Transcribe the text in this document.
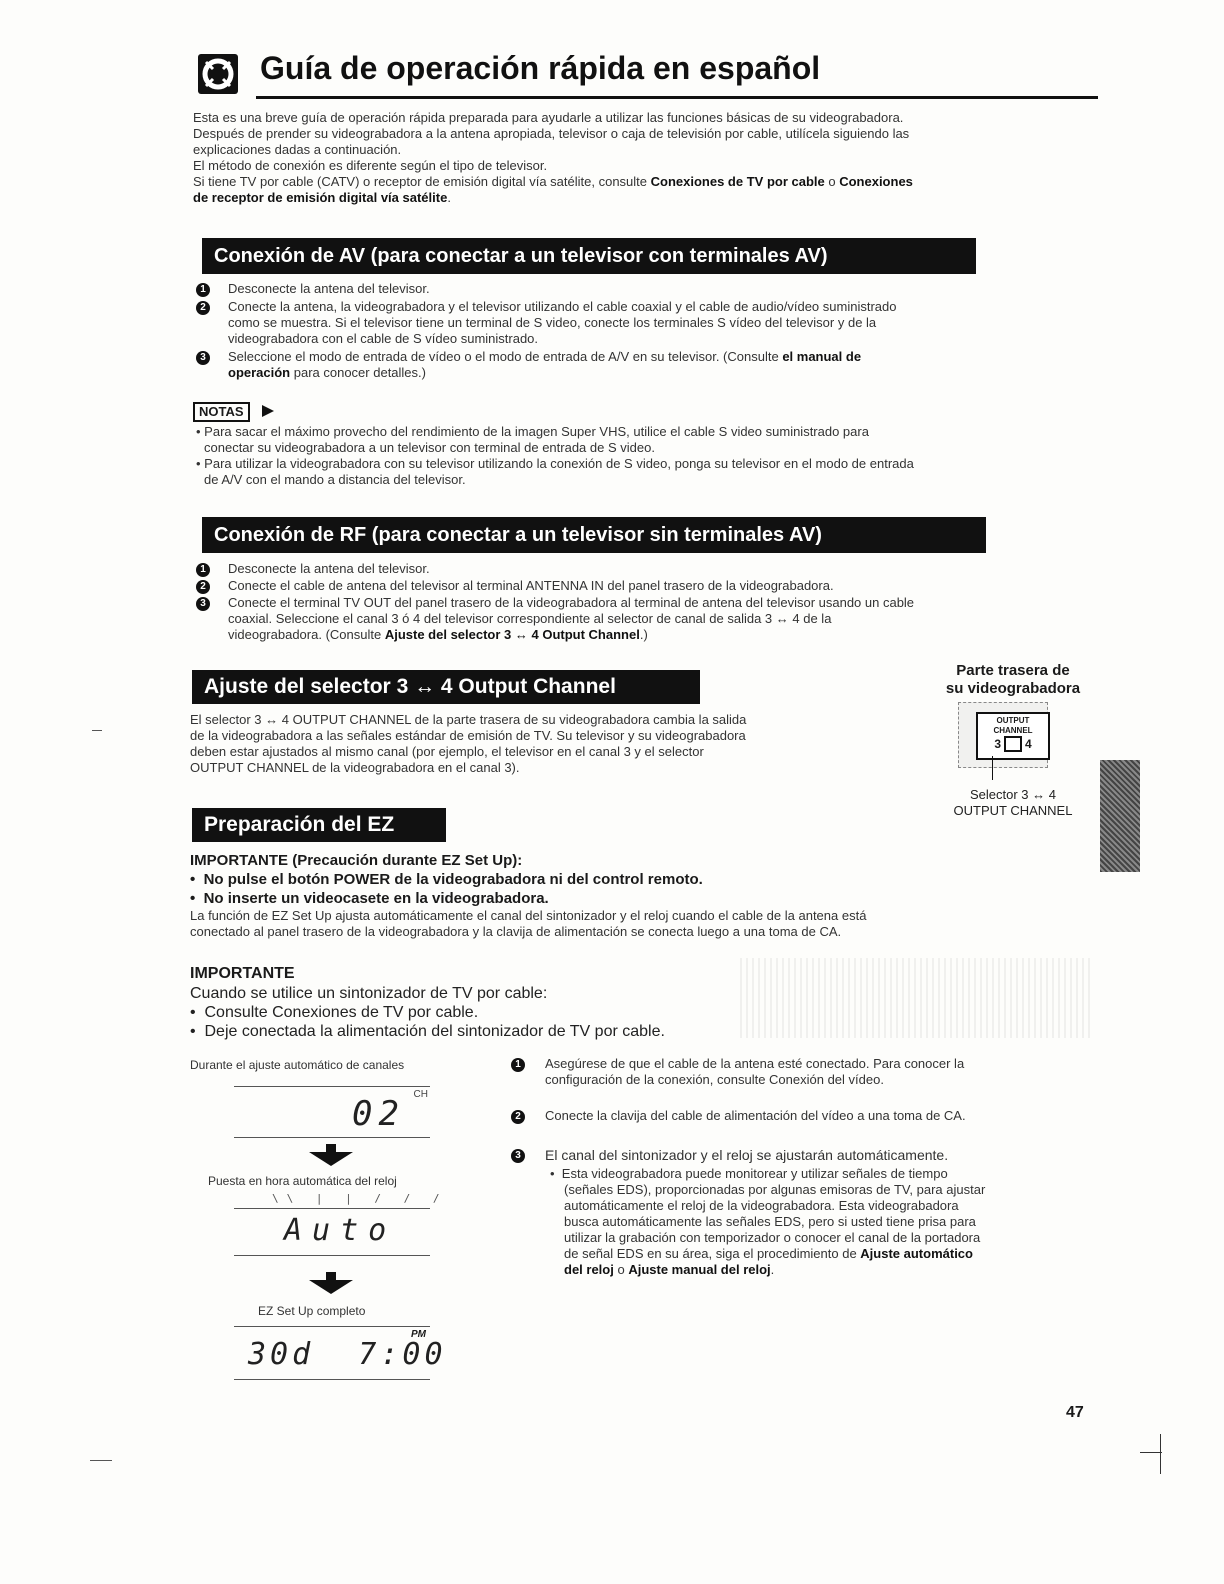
Guía de operación rápida en español
Esta es una breve guía de operación rápida preparada para ayudarle a utilizar las funciones básicas de su videograbadora.
Después de prender su videograbadora a la antena apropiada, televisor o caja de televisión por cable, utilícela siguiendo las
explicaciones dadas a continuación.
El método de conexión es diferente según el tipo de televisor.
Si tiene TV por cable (CATV) o receptor de emisión digital vía satélite, consulte Conexiones de TV por cable o Conexiones
de receptor de emisión digital vía satélite.
Conexión de AV (para conectar a un televisor con terminales AV)
1	Desconecte la antena del televisor.
2	Conecte la antena, la videograbadora y el televisor utilizando el cable coaxial y el cable de audio/vídeo suministrado
como se muestra. Si el televisor tiene un terminal de S video, conecte los terminales S vídeo del televisor y de la
videograbadora con el cable de S vídeo suministrado.
3	Seleccione el modo de entrada de vídeo o el modo de entrada de A/V en su televisor. (Consulte el manual de
operación para conocer detalles.)
NOTAS
• Para sacar el máximo provecho del rendimiento de la imagen Super VHS, utilice el cable S video suministrado para
conectar su videograbadora a un televisor con terminal de entrada de S video.
• Para utilizar la videograbadora con su televisor utilizando la conexión de S video, ponga su televisor en el modo de entrada
de A/V con el mando a distancia del televisor.
Conexión de RF (para conectar a un televisor sin terminales AV)
1	Desconecte la antena del televisor.
2	Conecte el cable de antena del televisor al terminal ANTENNA IN del panel trasero de la videograbadora.
3	Conecte el terminal TV OUT del panel trasero de la videograbadora al terminal de antena del televisor usando un cable
coaxial. Seleccione el canal 3 ó 4 del televisor correspondiente al selector de canal de salida 3 ↔ 4 de la
videograbadora. (Consulte Ajuste del selector 3 ↔ 4 Output Channel.)
Ajuste del selector 3 ↔ 4 Output Channel
Parte trasera de
su videograbadora
El selector 3 ↔ 4 OUTPUT CHANNEL de la parte trasera de su videograbadora cambia la salida
de la videograbadora a las señales estándar de emisión de TV. Su televisor y su videograbadora
deben estar ajustados al mismo canal (por ejemplo, el televisor en el canal 3 y el selector
OUTPUT CHANNEL de la videograbadora en el canal 3).
OUTPUT
CHANNEL
3 4
Selector 3 ↔ 4
OUTPUT CHANNEL
Preparación del EZ
IMPORTANTE (Precaución durante EZ Set Up):
•  No pulse el botón POWER de la videograbadora ni del control remoto.
•  No inserte un videocasete en la videograbadora.
La función de EZ Set Up ajusta automáticamente el canal del sintonizador y el reloj cuando el cable de la antena está
conectado al panel trasero de la videograbadora y la clavija de alimentación se conecta luego a una toma de CA.
IMPORTANTE
Cuando se utilice un sintonizador de TV por cable:
•  Consulte Conexiones de TV por cable.
•  Deje conectada la alimentación del sintonizador de TV por cable.
Durante el ajuste automático de canales
CH
02
Puesta en hora automática del reloj
\\ | | / / /
Auto
EZ Set Up completo
PM
30d  7:00
1	Asegúrese de que el cable de la antena esté conectado. Para conocer la
configuración de la conexión, consulte Conexión del vídeo.
2	Conecte la clavija del cable de alimentación del vídeo a una toma de CA.
3	El canal del sintonizador y el reloj se ajustarán automáticamente.
•  Esta videograbadora puede monitorear y utilizar señales de tiempo
(señales EDS), proporcionadas por algunas emisoras de TV, para ajustar
automáticamente el reloj de la videograbadora. Esta videograbadora
busca automáticamente las señales EDS, pero si usted tiene prisa para
utilizar la grabación con temporizador o conocer el canal de la portadora
de señal EDS en su área, siga el procedimiento de Ajuste automático
del reloj o Ajuste manual del reloj.
47
